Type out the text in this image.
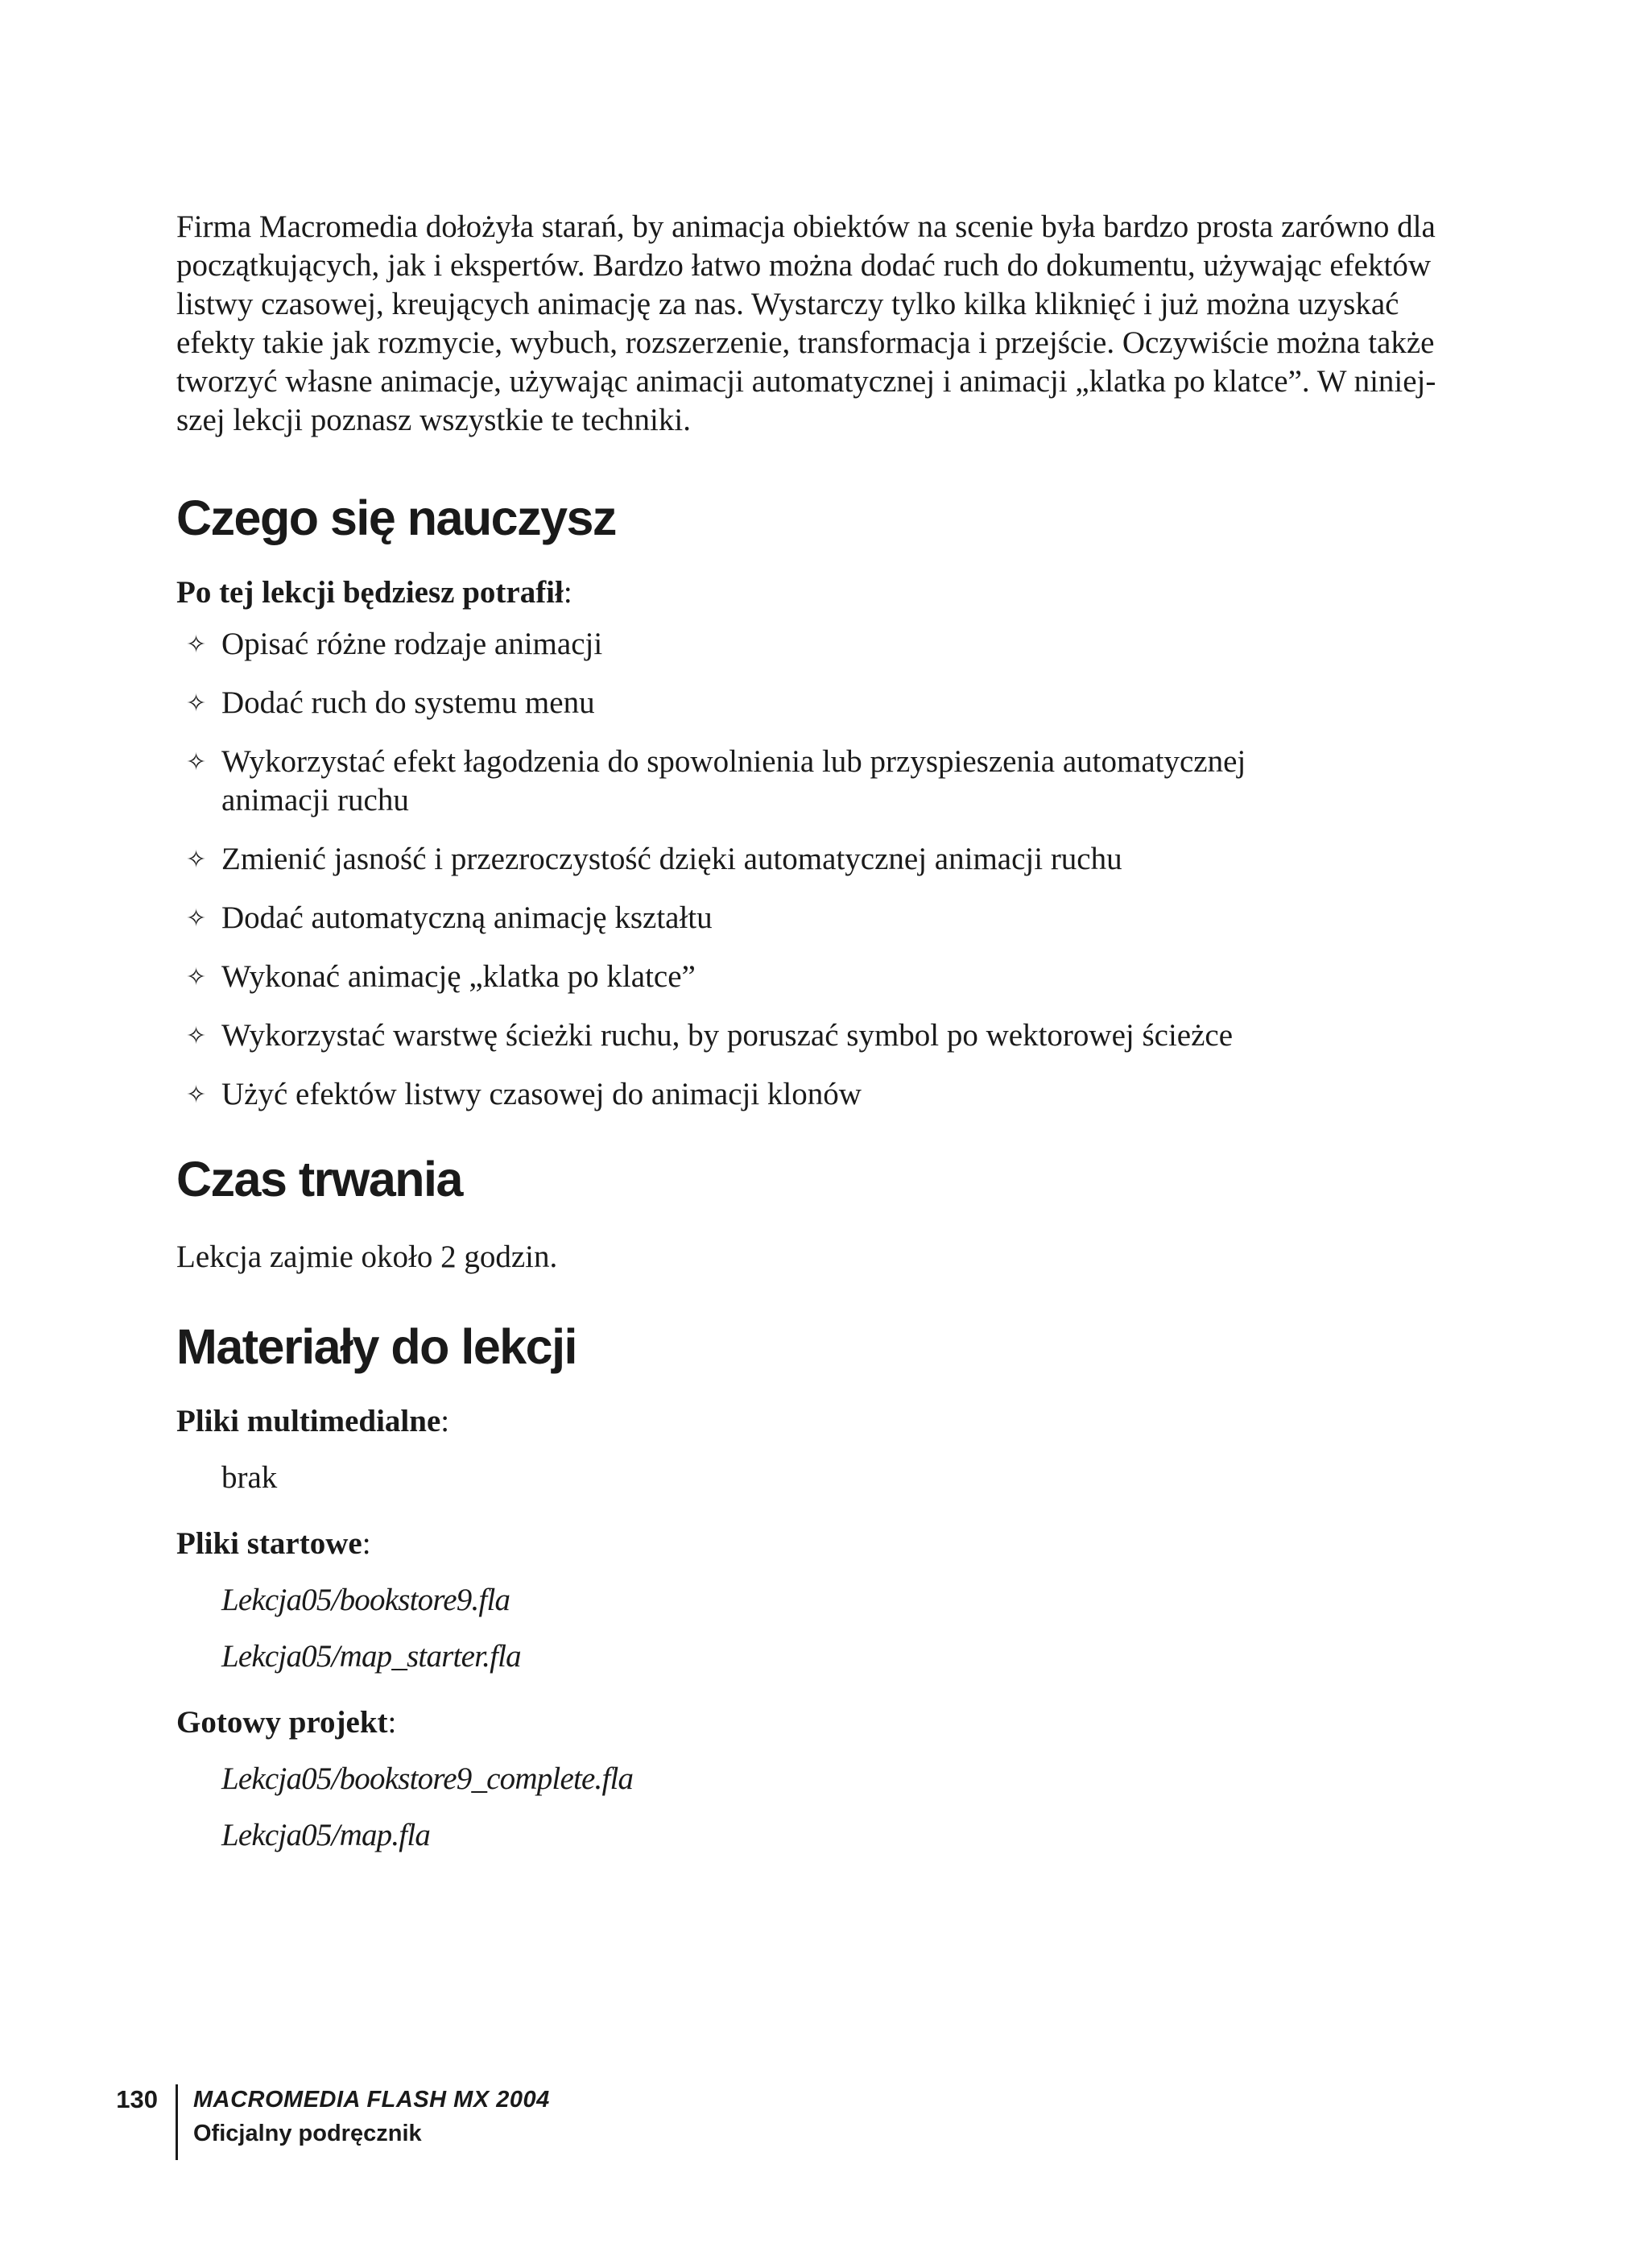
Firma Macromedia dołożyła starań, by animacja obiektów na scenie była bardzo prosta zarówno dla
początkujących, jak i ekspertów. Bardzo łatwo można dodać ruch do dokumentu, używając efektów
listwy czasowej, kreujących animację za nas. Wystarczy tylko kilka kliknięć i już można uzyskać
efekty takie jak rozmycie, wybuch, rozszerzenie, transformacja i przejście. Oczywiście można także
tworzyć własne animacje, używając animacji automatycznej i animacji „klatka po klatce”. W niniej-
szej lekcji poznasz wszystkie te techniki.

Czego się nauczysz

Po tej lekcji będziesz potrafił:

✧ Opisać różne rodzaje animacji
✧ Dodać ruch do systemu menu
✧ Wykorzystać efekt łagodzenia do spowolnienia lub przyspieszenia automatycznej
animacji ruchu
✧ Zmienić jasność i przezroczystość dzięki automatycznej animacji ruchu
✧ Dodać automatyczną animację kształtu
✧ Wykonać animację „klatka po klatce”
✧ Wykorzystać warstwę ścieżki ruchu, by poruszać symbol po wektorowej ścieżce
✧ Użyć efektów listwy czasowej do animacji klonów
Czas trwania

Lekcja zajmie około 2 godzin.

Materiały do lekcji

Pliki multimedialne:

brak

Pliki startowe:

Lekcja05/bookstore9.fla

Lekcja05/map_starter.fla

Gotowy projekt:

Lekcja05/bookstore9_complete.fla

Lekcja05/map.fla

130 MACROMEDIA FLASH MX 2004
Oficjalny podręcznik
